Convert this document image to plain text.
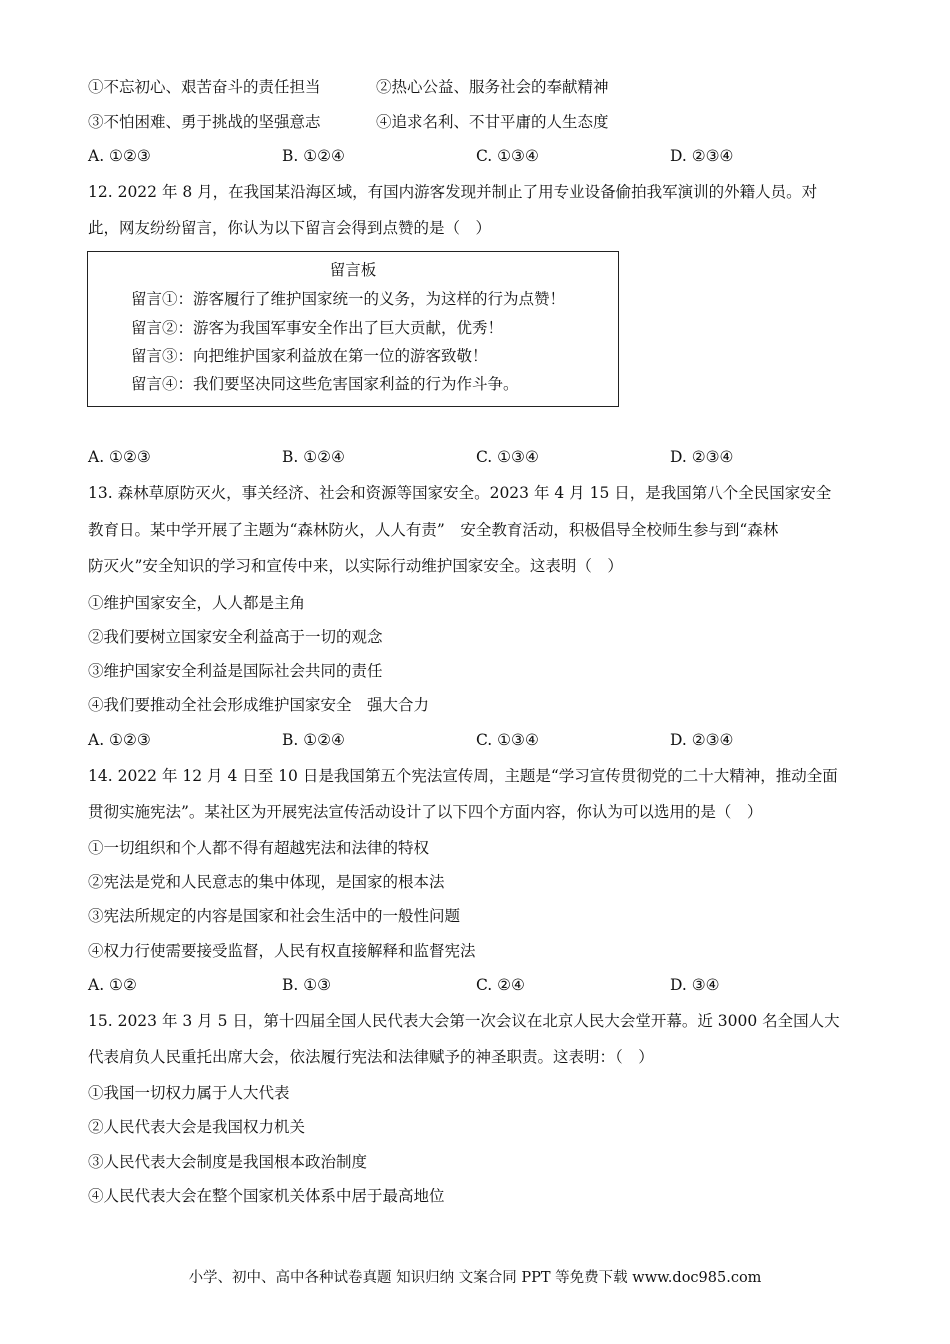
①不忘初心、艰苦奋斗的责任担当	②热心公益、服务社会的奉献精神
③不怕困难、勇于挑战的坚强意志	④追求名利、不甘平庸的人生态度
A. ①②③	B. ①②④	C. ①③④	D. ②③④
12. 2022 年 8 月，在我国某沿海区域，有国内游客发现并制止了用专业设备偷拍我军演训的外籍人员。对
此，网友纷纷留言，你认为以下留言会得到点赞的是（　）
留言板
留言①：游客履行了维护国家统一的义务，为这样的行为点赞！
留言②：游客为我国军事安全作出了巨大贡献，优秀！
留言③：向把维护国家利益放在第一位的游客致敬！
留言④：我们要坚决同这些危害国家利益的行为作斗争。
A. ①②③	B. ①②④	C. ①③④	D. ②③④
13. 森林草原防灭火，事关经济、社会和资源等国家安全。2023 年 4 月 15 日，是我国第八个全民国家安全
教育日。某中学开展了主题为“森林防火，人人有责”　安全教育活动，积极倡导全校师生参与到“森林
防灭火”安全知识的学习和宣传中来，以实际行动维护国家安全。这表明（　）
①维护国家安全，人人都是主角
②我们要树立国家安全利益高于一切的观念
③维护国家安全利益是国际社会共同的责任
④我们要推动全社会形成维护国家安全　强大合力
A. ①②③	B. ①②④	C. ①③④	D. ②③④
14. 2022 年 12 月 4 日至 10 日是我国第五个宪法宣传周，主题是“学习宣传贯彻党的二十大精神，推动全面
贯彻实施宪法”。某社区为开展宪法宣传活动设计了以下四个方面内容，你认为可以选用的是（　）
①一切组织和个人都不得有超越宪法和法律的特权
②宪法是党和人民意志的集中体现，是国家的根本法
③宪法所规定的内容是国家和社会生活中的一般性问题
④权力行使需要接受监督，人民有权直接解释和监督宪法
A. ①②	B. ①③	C. ②④	D. ③④
15. 2023 年 3 月 5 日，第十四届全国人民代表大会第一次会议在北京人民大会堂开幕。近 3000 名全国人大
代表肩负人民重托出席大会，依法履行宪法和法律赋予的神圣职责。这表明：（　）
①我国一切权力属于人大代表
②人民代表大会是我国权力机关
③人民代表大会制度是我国根本政治制度
④人民代表大会在整个国家机关体系中居于最高地位
小学、初中、高中各种试卷真题 知识归纳 文案合同 PPT 等免费下载 www.doc985.com
